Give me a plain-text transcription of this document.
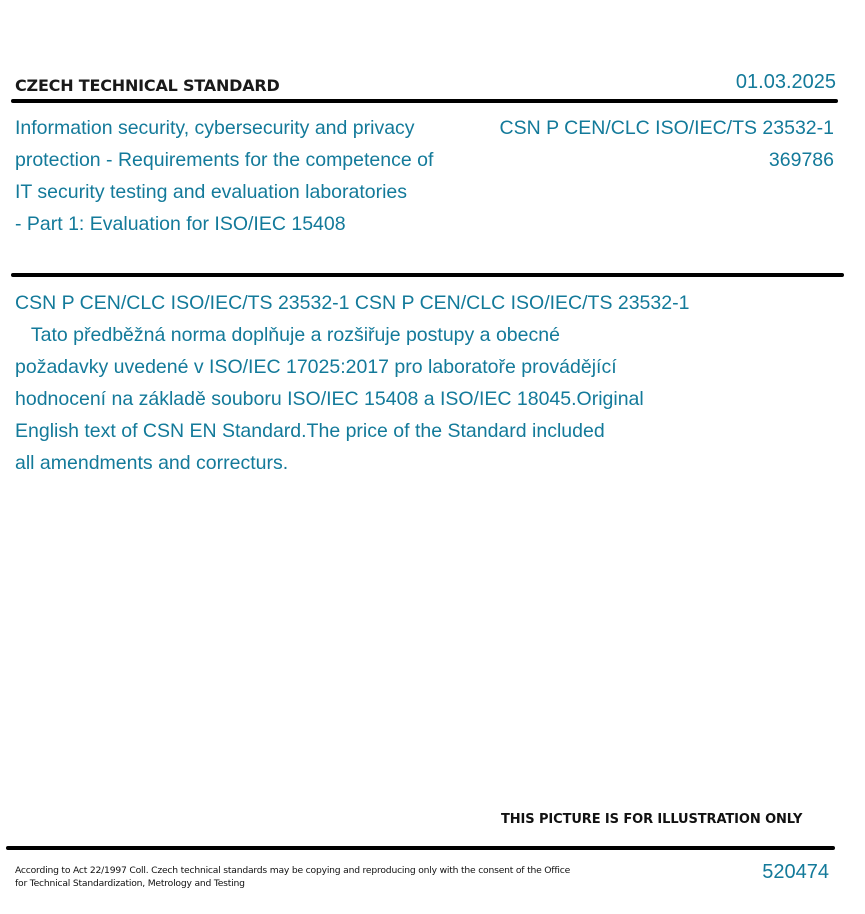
CZECH TECHNICAL STANDARD	01.03.2025
Information security, cybersecurity and privacy
protection - Requirements for the competence of
IT security testing and evaluation laboratories
- Part 1: Evaluation for ISO/IEC 15408
CSN P CEN/CLC ISO/IEC/TS 23532-1
369786
CSN P CEN/CLC ISO/IEC/TS 23532-1 CSN P CEN/CLC ISO/IEC/TS 23532-1
Tato předběžná norma doplňuje a rozšiřuje postupy a obecné
požadavky uvedené v ISO/IEC 17025:2017 pro laboratoře provádějící
hodnocení na základě souboru ISO/IEC 15408 a ISO/IEC 18045.Original
English text of CSN EN Standard.The price of the Standard included
all amendments and correcturs.
THIS PICTURE IS FOR ILLUSTRATION ONLY
According to Act 22/1997 Coll. Czech technical standards may be copying and reproducing only with the consent of the Office
for Technical Standardization, Metrology and Testing
520474
